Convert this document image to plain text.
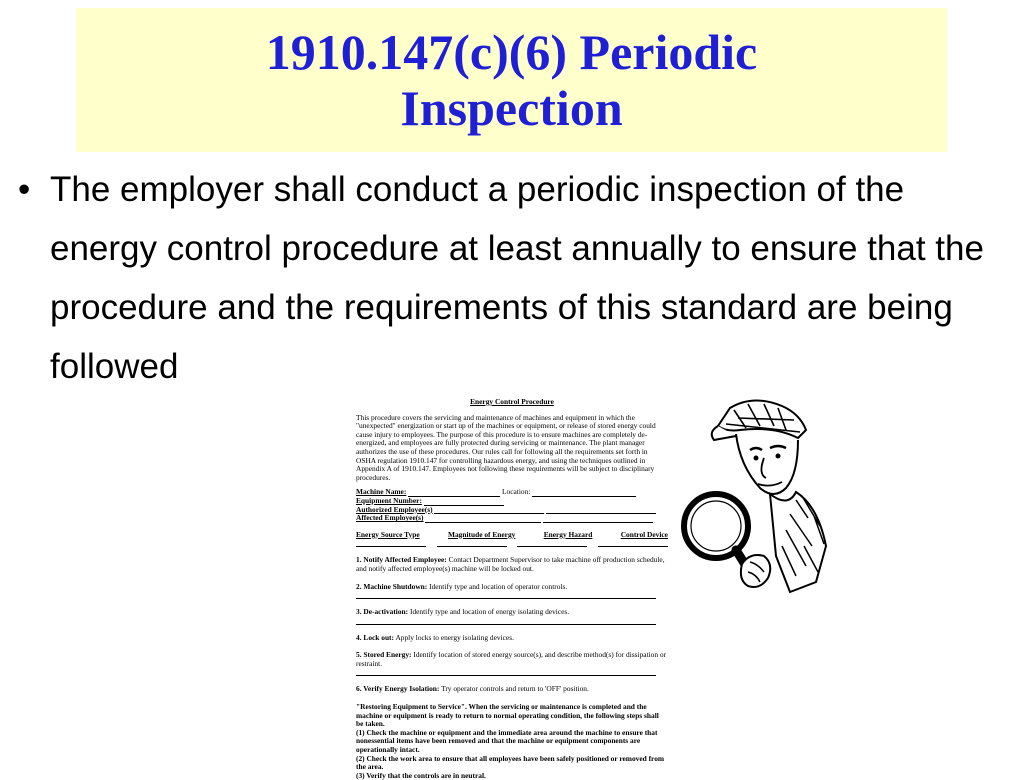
1910.147(c)(6) Periodic
Inspection
• The employer shall conduct a periodic inspection of the energy control procedure at least annually to ensure that the procedure and the requirements of this standard are being followed
Energy Control Procedure

This procedure covers the servicing and maintenance of machines and equipment in which the "unexpected" energization or start up of the machines or equipment, or release of stored energy could cause injury to employees. The purpose of this procedure is to ensure machines are completely de-energized, and employees are fully protected during servicing or maintenance. The plant manager authorizes the use of these procedures. Our rules call for following all the requirements set forth in OSHA regulation 1910.147 for controlling hazardous energy, and using the techniques outlined in Appendix A of 1910.147. Employees not following these requirements will be subject to disciplinary procedures.

Machine Name:	Location:
Equipment Number:
Authorized Employee(s)
Affected Employee(s)
Energy Source Type	Magnitude of Energy	Energy Hazard	Control Device
1. Notify Affected Employee: Contact Department Supervisor to take machine off production schedule, and notify affected employee(s) machine will be locked out.
2. Machine Shutdown: Identify type and location of operator controls.
3. De-activation: Identify type and location of energy isolating devices.
4. Lock out: Apply locks to energy isolating devices.
5. Stored Energy: Identify location of stored energy source(s), and describe method(s) for dissipation or restraint.
6. Verify Energy Isolation: Try operator controls and return to 'OFF' position.
"Restoring Equipment to Service". When the servicing or maintenance is completed and the machine or equipment is ready to return to normal operating condition, the following steps shall be taken.
(1) Check the machine or equipment and the immediate area around the machine to ensure that nonessential items have been removed and that the machine or equipment components are operationally intact.
(2) Check the work area to ensure that all employees have been safely positioned or removed from the area.
(3) Verify that the controls are in neutral.
